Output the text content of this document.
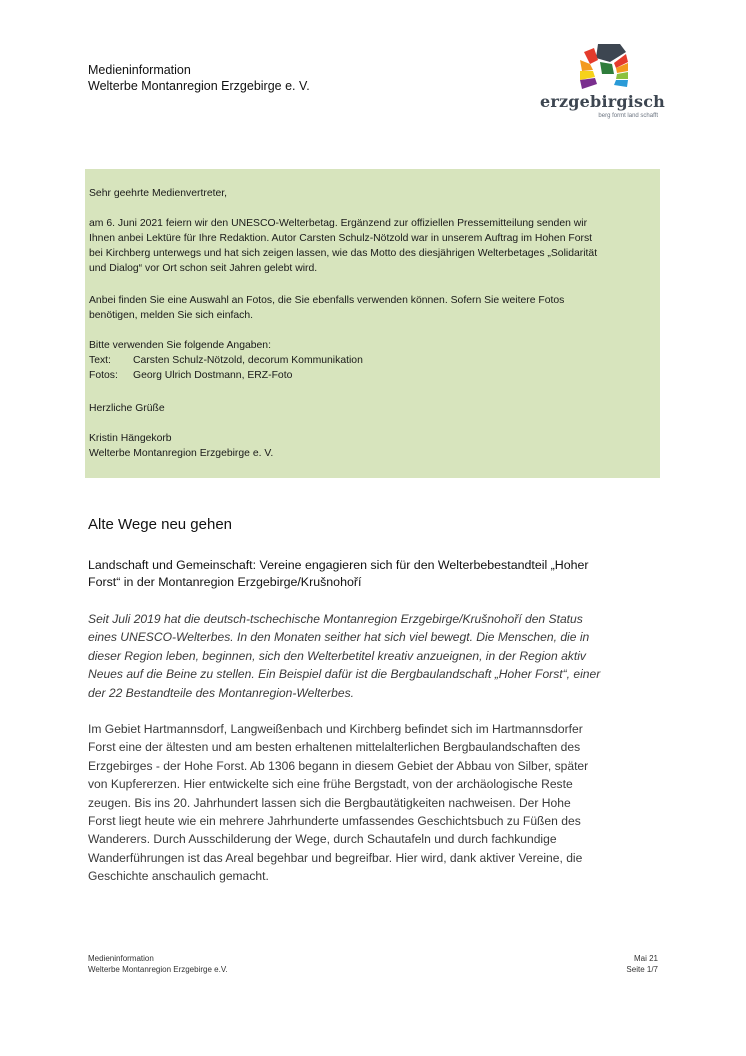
Medieninformation
Welterbe Montanregion Erzgebirge e. V.
erzgebirgisch
berg formt land schafft
Sehr geehrte Medienvertreter,
am 6. Juni 2021 feiern wir den UNESCO-Welterbetag. Ergänzend zur offiziellen Pressemitteilung senden wir
Ihnen anbei Lektüre für Ihre Redaktion. Autor Carsten Schulz-Nötzold war in unserem Auftrag im Hohen Forst
bei Kirchberg unterwegs und hat sich zeigen lassen, wie das Motto des diesjährigen Welterbetages „Solidarität
und Dialog“ vor Ort schon seit Jahren gelebt wird.
Anbei finden Sie eine Auswahl an Fotos, die Sie ebenfalls verwenden können. Sofern Sie weitere Fotos
benötigen, melden Sie sich einfach.
Bitte verwenden Sie folgende Angaben:
Text: Carsten Schulz-Nötzold, decorum Kommunikation
Fotos: Georg Ulrich Dostmann, ERZ-Foto
Herzliche Grüße
Kristin Hängekorb
Welterbe Montanregion Erzgebirge e. V.
Alte Wege neu gehen
Landschaft und Gemeinschaft: Vereine engagieren sich für den Welterbebestandteil „Hoher
Forst“ in der Montanregion Erzgebirge/Krušnohoří
Seit Juli 2019 hat die deutsch-tschechische Montanregion Erzgebirge/Krušnohoří den Status
eines UNESCO-Welterbes. In den Monaten seither hat sich viel bewegt. Die Menschen, die in
dieser Region leben, beginnen, sich den Welterbetitel kreativ anzueignen, in der Region aktiv
Neues auf die Beine zu stellen. Ein Beispiel dafür ist die Bergbaulandschaft „Hoher Forst“, einer
der 22 Bestandteile des Montanregion-Welterbes.
Im Gebiet Hartmannsdorf, Langweißenbach und Kirchberg befindet sich im Hartmannsdorfer
Forst eine der ältesten und am besten erhaltenen mittelalterlichen Bergbaulandschaften des
Erzgebirges - der Hohe Forst. Ab 1306 begann in diesem Gebiet der Abbau von Silber, später
von Kupfererzen. Hier entwickelte sich eine frühe Bergstadt, von der archäologische Reste
zeugen. Bis ins 20. Jahrhundert lassen sich die Bergbautätigkeiten nachweisen. Der Hohe
Forst liegt heute wie ein mehrere Jahrhunderte umfassendes Geschichtsbuch zu Füßen des
Wanderers. Durch Ausschilderung der Wege, durch Schautafeln und durch fachkundige
Wanderführungen ist das Areal begehbar und begreifbar. Hier wird, dank aktiver Vereine, die
Geschichte anschaulich gemacht.
Medieninformation
Welterbe Montanregion Erzgebirge e.V.
Mai 21
Seite 1/7
